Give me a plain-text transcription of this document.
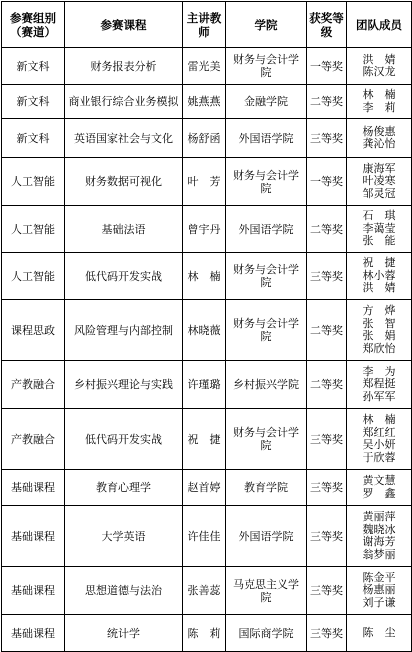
参赛组别（赛道）	参赛课程	主讲教师	学院	获奖等级	团队成员
新文科	财务报表分析	雷光美	财务与会计学院	一等奖	洪　婧
陈汉龙

新文科	商业银行综合业务模拟	姚燕燕	金融学院	二等奖	林　楠
李　莉

新文科	英语国家社会与文化	杨舒函	外国语学院	三等奖	杨俊惠
龚沁怡

人工智能	财务数据可视化	叶　芳	财务与会计学院	一等奖	康海军
叶凌寒
邹灵冠

人工智能	基础法语	曾宇丹	外国语学院	二等奖	石　琪
李蔼莹
张　能

人工智能	低代码开发实战	林　楠	财务与会计学院	三等奖	祝　捷
林小蓉
洪　婧

课程思政	风险管理与内部控制	林晓薇	财务与会计学院	二等奖	方　烨
张　智
张　娟
郑欣怡

产教融合	乡村振兴理论与实践	许瑾璐	乡村振兴学院	二等奖	李　为
郑程挺
孙军军

产教融合	低代码开发实战	祝　捷	财务与会计学院	三等奖	林　楠
郑红红
吴小妍
于欣蓉

基础课程	教育心理学	赵首婷	教育学院	三等奖	黄文慧
罗　鑫

基础课程	大学英语	许佳佳	外国语学院	三等奖	黄丽萍
魏晓冰
谢海芳
翁梦丽

基础课程	思想道德与法治	张善蕊	马克思主义学院	三等奖	陈金平
杨惠丽
刘子谦

基础课程	统计学	陈　莉	国际商学院	三等奖	陈　尘
